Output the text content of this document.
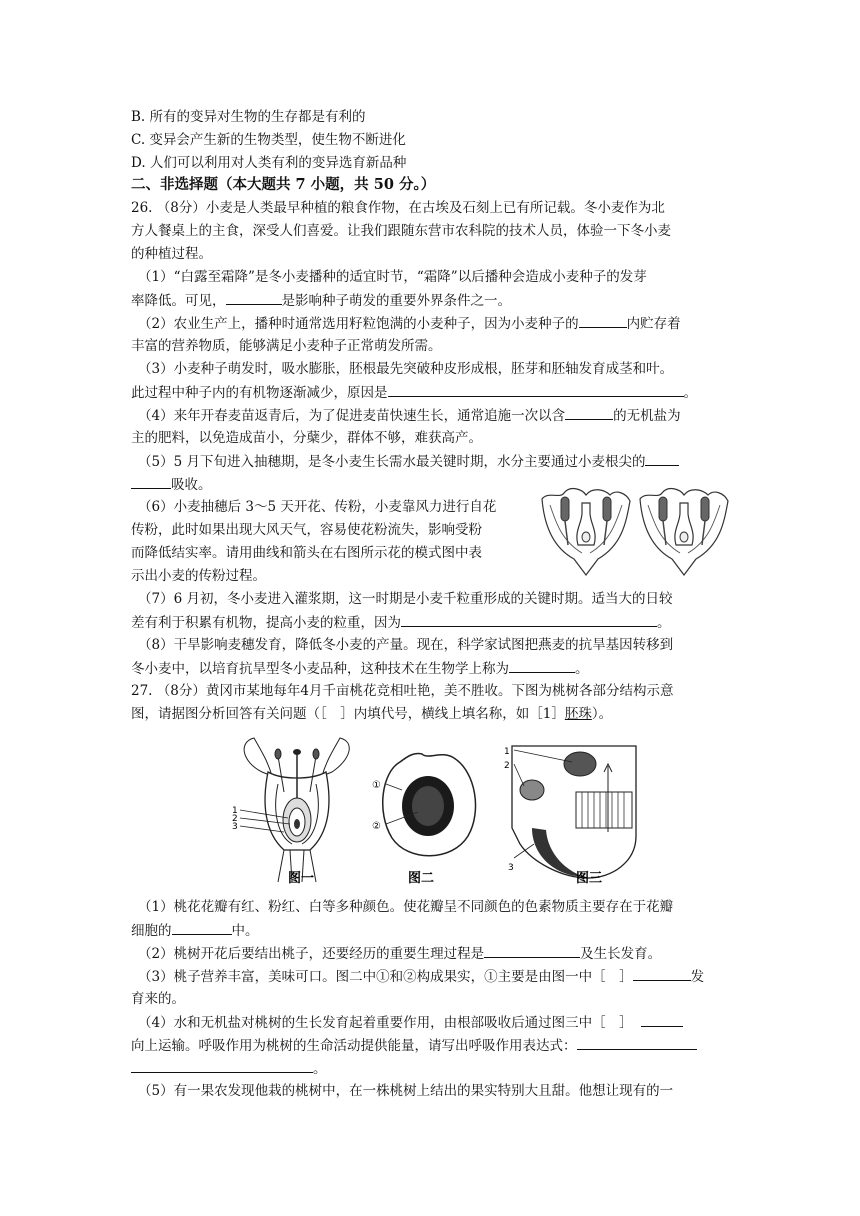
B. 所有的变异对生物的生存都是有利的
C. 变异会产生新的生物类型，使生物不断进化
D. 人们可以利用对人类有利的变异选育新品种
二、非选择题（本大题共 7 小题，共 50 分。）
26. （8分）小麦是人类最早种植的粮食作物，在古埃及石刻上已有所记载。冬小麦作为北
方人餐桌上的主食，深受人们喜爱。让我们跟随东营市农科院的技术人员，体验一下冬小麦
的种植过程。
（1）“白露至霜降”是冬小麦播种的适宜时节，“霜降”以后播种会造成小麦种子的发芽
率降低。可见，	是影响种子萌发的重要外界条件之一。
（2）农业生产上，播种时通常选用籽粒饱满的小麦种子，因为小麦种子的	内贮存着
丰富的营养物质，能够满足小麦种子正常萌发所需。
（3）小麦种子萌发时，吸水膨胀，胚根最先突破种皮形成根，胚芽和胚轴发育成茎和叶。
此过程中种子内的有机物逐渐减少，原因是	。
（4）来年开春麦苗返青后，为了促进麦苗快速生长，通常追施一次以含	的无机盐为
主的肥料，以免造成苗小，分蘖少，群体不够，难获高产。
（5）5 月下旬进入抽穗期，是冬小麦生长需水最关键时期，水分主要通过小麦根尖的
吸收。
（6）小麦抽穗后 3～5 天开花、传粉，小麦靠风力进行自花
传粉，此时如果出现大风天气，容易使花粉流失，影响受粉
而降低结实率。请用曲线和箭头在右图所示花的模式图中表
示出小麦的传粉过程。
（7）6 月初，冬小麦进入灌浆期，这一时期是小麦千粒重形成的关键时期。适当大的日较
差有利于积累有机物，提高小麦的粒重，因为	。
（8）干旱影响麦穗发育，降低冬小麦的产量。现在，科学家试图把燕麦的抗旱基因转移到
冬小麦中，以培育抗旱型冬小麦品种，这种技术在生物学上称为	。
27. （8分）黄冈市某地每年4月千亩桃花竞相吐艳，美不胜收。下图为桃树各部分结构示意
图，请据图分析回答有关问题（［　］内填代号，横线上填名称，如［1］胚珠）。
1
2
3
①
②
1
2
3
图一	图二	图三
（1）桃花花瓣有红、粉红、白等多种颜色。使花瓣呈不同颜色的色素物质主要存在于花瓣
细胞的	中。
（2）桃树开花后要结出桃子，还要经历的重要生理过程是	及生长发育。
（3）桃子营养丰富，美味可口。图二中①和②构成果实，①主要是由图一中［　］	发
育来的。
（4）水和无机盐对桃树的生长发育起着重要作用，由根部吸收后通过图三中［　］
向上运输。呼吸作用为桃树的生命活动提供能量，请写出呼吸作用表达式：
。
（5）有一果农发现他栽的桃树中，在一株桃树上结出的果实特别大且甜。他想让现有的一
